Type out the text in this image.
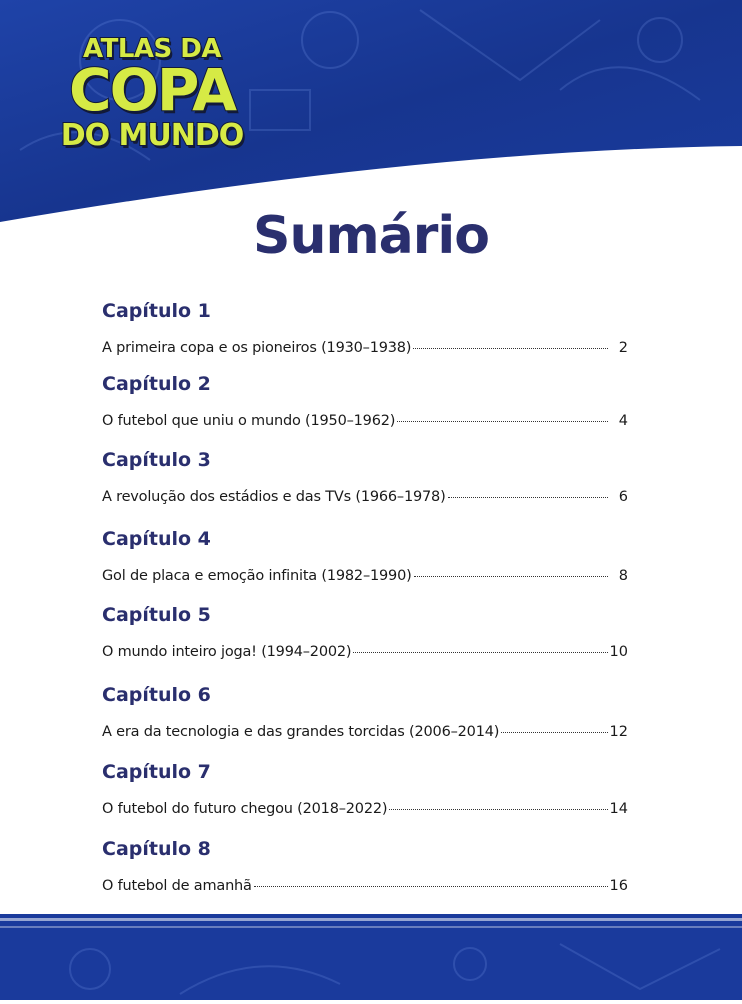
ATLAS DA
COPA
DO MUNDO
Sumário
Capítulo 1
A primeira copa e os pioneiros (1930–1938)	2
Capítulo 2
O futebol que uniu o mundo (1950–1962)	4
Capítulo 3
A revolução dos estádios e das TVs (1966–1978)	6
Capítulo 4
Gol de placa e emoção infinita (1982–1990)	8
Capítulo 5
O mundo inteiro joga! (1994–2002)	10
Capítulo 6
A era da tecnologia e das grandes torcidas (2006–2014)	12
Capítulo 7
O futebol do futuro chegou (2018–2022)	14
Capítulo 8
O futebol de amanhã	16
